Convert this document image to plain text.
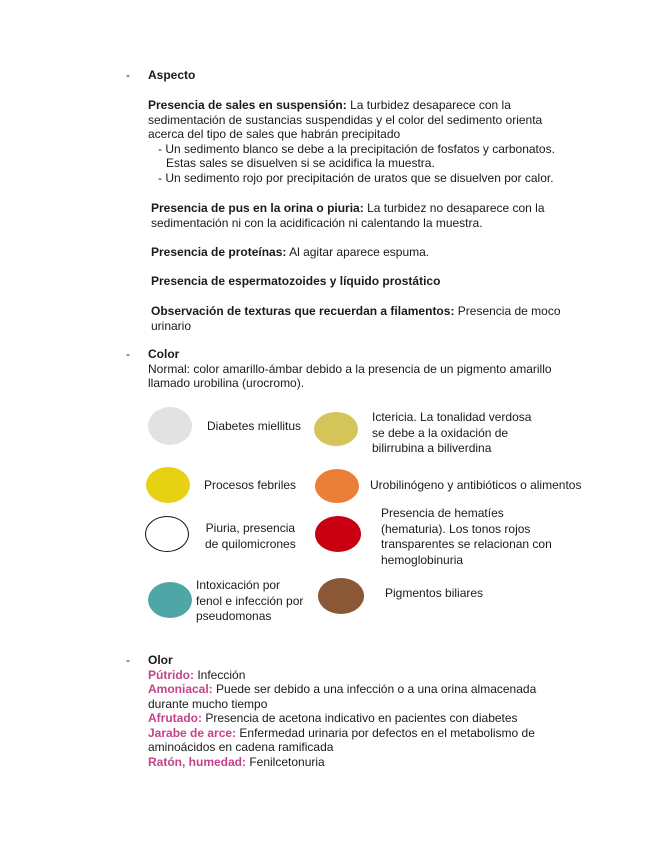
- Aspecto

Presencia de sales en suspensión: La turbidez desaparece con la

sedimentación de sustancias suspendidas y el color del sedimento orienta

acerca del tipo de sales que habrán precipitado

- Un sedimento blanco se debe a la precipitación de fosfatos y carbonatos.

Estas sales se disuelven si se acidifica la muestra.

- Un sedimento rojo por precipitación de uratos que se disuelven por calor.

Presencia de pus en la orina o piuria: La turbidez no desaparece con la

sedimentación ni con la acidificación ni calentando la muestra.

Presencia de proteínas: Al agitar aparece espuma.
Presencia de espermatozoides y líquido prostático

Observación de texturas que recuerdan a filamentos: Presencia de moco

urinario

- Color

Normal: color amarillo-ámbar debido a la presencia de un pigmento amarillo

llamado urobilina (urocromo).

Diabetes miellitus

Ictericia. La tonalidad verdosa

se debe a la oxidación de

bilirrubina a biliverdina

Procesos febriles	Urobilinógeno y antibióticos o alimentos

Piuria, presencia

de quilomicrones

Presencia de hematíes

(hematuria). Los tonos rojos

transparentes se relacionan con

hemoglobinuria

Intoxicación por

fenol e infección por

pseudomonas

Pigmentos biliares
- Olor

Pútrido: Infección

Amoniacal: Puede ser debido a una infección o a una orina almacenada

durante mucho tiempo

Afrutado: Presencia de acetona indicativo en pacientes con diabetes

Jarabe de arce: Enfermedad urinaria por defectos en el metabolismo de

aminoácidos en cadena ramificada

Ratón, humedad: Fenilcetonuria
